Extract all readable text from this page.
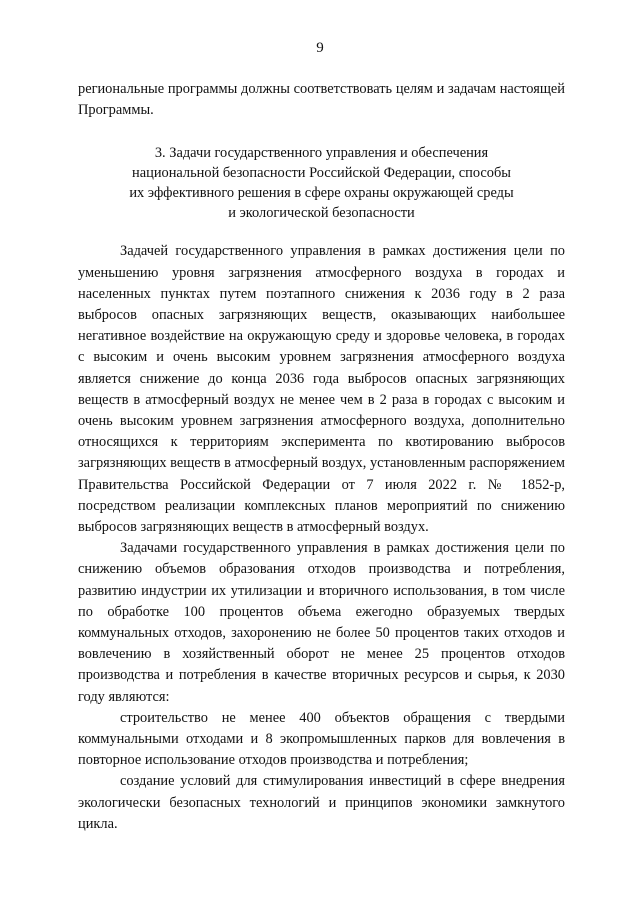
9

региональные программы должны соответствовать целям и задачам настоящей Программы.

3. Задачи государственного управления и обеспечения
национальной безопасности Российской Федерации, способы
их эффективного решения в сфере охраны окружающей среды
и экологической безопасности

Задачей государственного управления в рамках достижения цели по уменьшению уровня загрязнения атмосферного воздуха в городах и населенных пунктах путем поэтапного снижения к 2036 году в 2 раза выбросов опасных загрязняющих веществ, оказывающих наибольшее негативное воздействие на окружающую среду и здоровье человека, в городах с высоким и очень высоким уровнем загрязнения атмосферного воздуха является снижение до конца 2036 года выбросов опасных загрязняющих веществ в атмосферный воздух не менее чем в 2 раза в городах с высоким и очень высоким уровнем загрязнения атмосферного воздуха, дополнительно относящихся к территориям эксперимента по квотированию выбросов загрязняющих веществ в атмосферный воздух, установленным распоряжением Правительства Российской Федерации от 7 июля 2022 г. № 1852-р, посредством реализации комплексных планов мероприятий по снижению выбросов загрязняющих веществ в атмосферный воздух.

Задачами государственного управления в рамках достижения цели по снижению объемов образования отходов производства и потребления, развитию индустрии их утилизации и вторичного использования, в том числе по обработке 100 процентов объема ежегодно образуемых твердых коммунальных отходов, захоронению не более 50 процентов таких отходов и вовлечению в хозяйственный оборот не менее 25 процентов отходов производства и потребления в качестве вторичных ресурсов и сырья, к 2030 году являются:

строительство не менее 400 объектов обращения с твердыми коммунальными отходами и 8 экопромышленных парков для вовлечения в повторное использование отходов производства и потребления;

создание условий для стимулирования инвестиций в сфере внедрения экологически безопасных технологий и принципов экономики замкнутого цикла.
